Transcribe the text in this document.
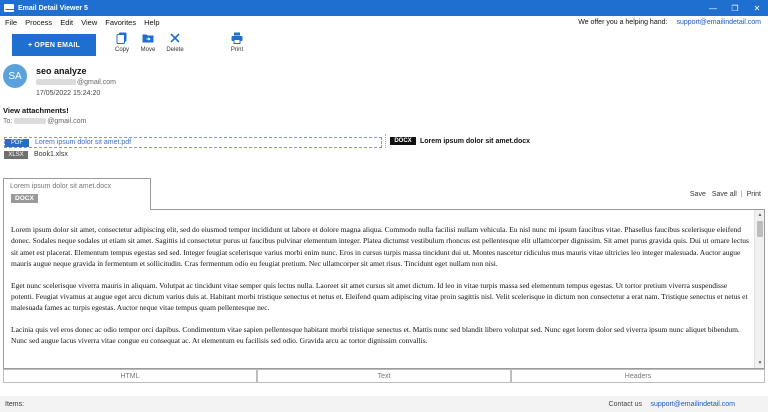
Email Detail Viewer 5	—	❐	✕
File Process Edit View Favorites Help	We offer you a helping hand: support@emailindetail.com
+ OPEN EMAIL
Copy Move Delete	Print
SA	seo analyze
@gmail.com
17/05/2022 15:24:20
View attachments!
To:	@gmail.com
PDF	Lorem ipsum dolor sit amet.pdf
XLSX	Book1.xlsx
DOCX	Lorem ipsum dolor sit amet.docx
Lorem ipsum dolor sit amet.docx
DOCX
Save Save all | Print

Lorem ipsum dolor sit amet, consectetur adipiscing elit, sed do eiusmod tempor incididunt ut labore et dolore magna aliqua. Commodo nulla facilisi nullam vehicula. Eu nisl nunc mi ipsum faucibus vitae. Phasellus faucibus scelerisque eleifend donec. Sodales neque sodales ut etiam sit amet. Sagittis id consectetur purus ut faucibus pulvinar elementum integer. Platea dictumst vestibulum rhoncus est pellentesque elit ullamcorper dignissim. Sit amet purus gravida quis. Dui ut ornare lectus sit amet est placerat. Elementum tempus egestas sed sed. Integer feugiat scelerisque varius morbi enim nunc. Eros in cursus turpis massa tincidunt dui ut. Montes nascetur ridiculus mus mauris vitae ultricies leo integer malesuada. Auctor augue mauris augue neque gravida in fermentum et sollicitudin. Cras fermentum odio eu feugiat pretium. Nec ullamcorper sit amet risus. Tincidunt eget nullam non nisi.

Eget nunc scelerisque viverra mauris in aliquam. Volutpat ac tincidunt vitae semper quis lectus nulla. Laoreet sit amet cursus sit amet dictum. Id leo in vitae turpis massa sed elementum tempus egestas. Ut tortor pretium viverra suspendisse potenti. Feugiat vivamus at augue eget arcu dictum varius duis at. Habitant morbi tristique senectus et netus et. Eleifend quam adipiscing vitae proin sagittis nisl. Velit scelerisque in dictum non consectetur a erat nam. Tristique senectus et netus et malesuada fames ac turpis egestas. Auctor neque vitae tempus quam pellentesque nec.

Lacinia quis vel eros donec ac odio tempor orci dapibus. Condimentum vitae sapien pellentesque habitant morbi tristique senectus et. Mattis nunc sed blandit libero volutpat sed. Nunc eget lorem dolor sed viverra ipsum nunc aliquet bibendum. Nunc sed augue lacus viverra vitae congue eu consequat ac. At elementum eu facilisis sed odio. Gravida arcu ac tortor dignissim convallis.

▲
▼
HTML	Text	Headers
Items:	Contact us support@emailindetail.com
